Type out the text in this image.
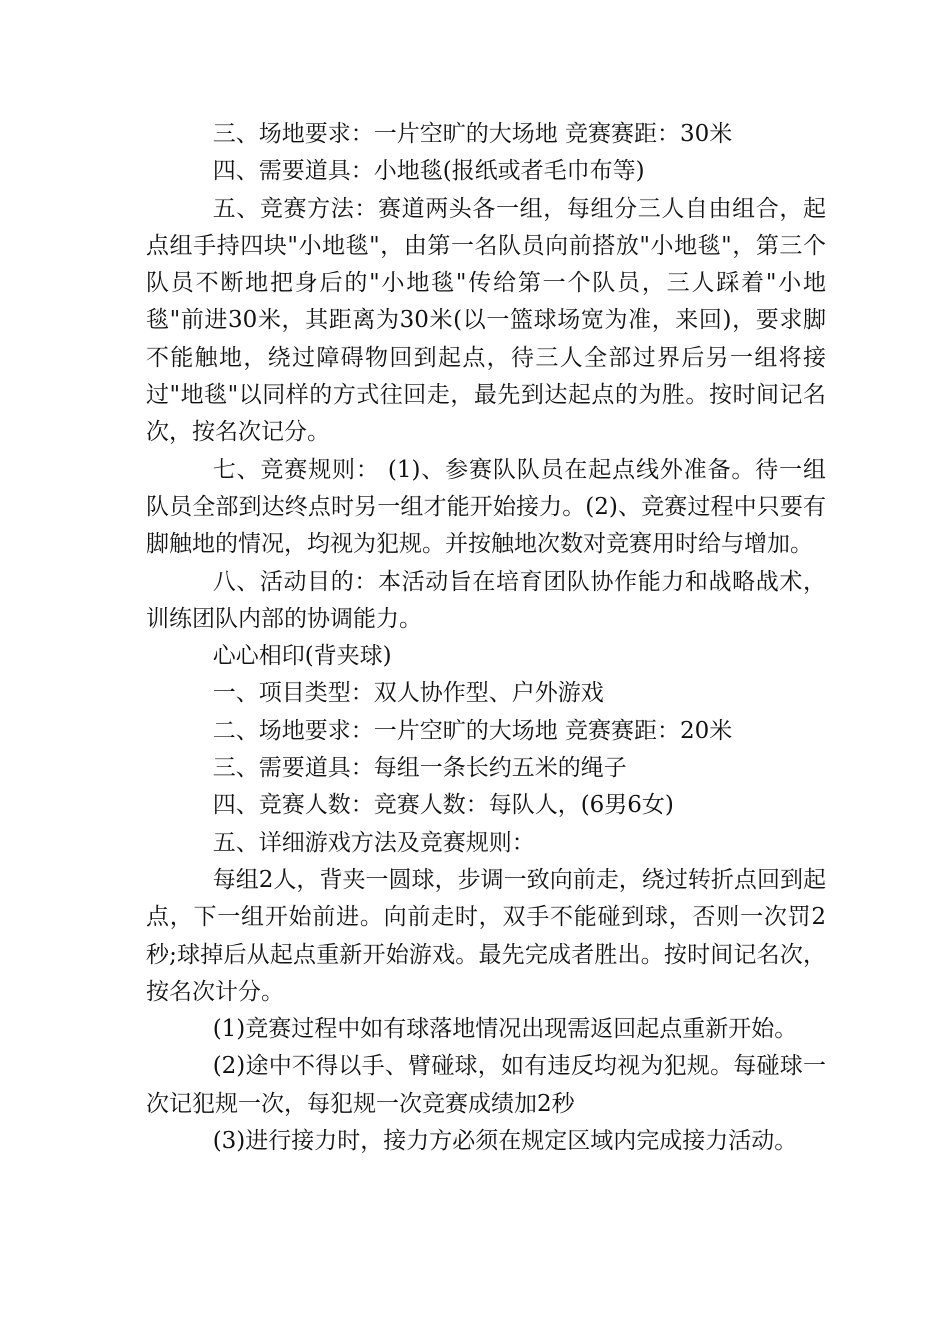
三、场地要求：一片空旷的大场地 竞赛赛距：30米

四、需要道具：小地毯(报纸或者毛巾布等)

五、竞赛方法：赛道两头各一组，每组分三人自由组合，起点组手持四块"小地毯"，由第一名队员向前搭放"小地毯"，第三个队员不断地把身后的"小地毯"传给第一个队员，三人踩着"小地毯"前进30米，其距离为30米(以一篮球场宽为准，来回)，要求脚不能触地，绕过障碍物回到起点，待三人全部过界后另一组将接过"地毯"以同样的方式往回走，最先到达起点的为胜。按时间记名次，按名次记分。

七、竞赛规则： (1)、参赛队队员在起点线外准备。待一组队员全部到达终点时另一组才能开始接力。(2)、竞赛过程中只要有脚触地的情况，均视为犯规。并按触地次数对竞赛用时给与增加。

八、活动目的：本活动旨在培育团队协作能力和战略战术，训练团队内部的协调能力。

心心相印(背夹球)

一、项目类型：双人协作型、户外游戏

二、场地要求：一片空旷的大场地 竞赛赛距：20米

三、需要道具：每组一条长约五米的绳子

四、竞赛人数：竞赛人数：每队人，(6男6女)

五、详细游戏方法及竞赛规则：

每组2人，背夹一圆球，步调一致向前走，绕过转折点回到起点，下一组开始前进。向前走时，双手不能碰到球，否则一次罚2秒;球掉后从起点重新开始游戏。最先完成者胜出。按时间记名次，按名次计分。

(1)竞赛过程中如有球落地情况出现需返回起点重新开始。

(2)途中不得以手、臂碰球，如有违反均视为犯规。每碰球一次记犯规一次，每犯规一次竞赛成绩加2秒

(3)进行接力时，接力方必须在规定区域内完成接力活动。
